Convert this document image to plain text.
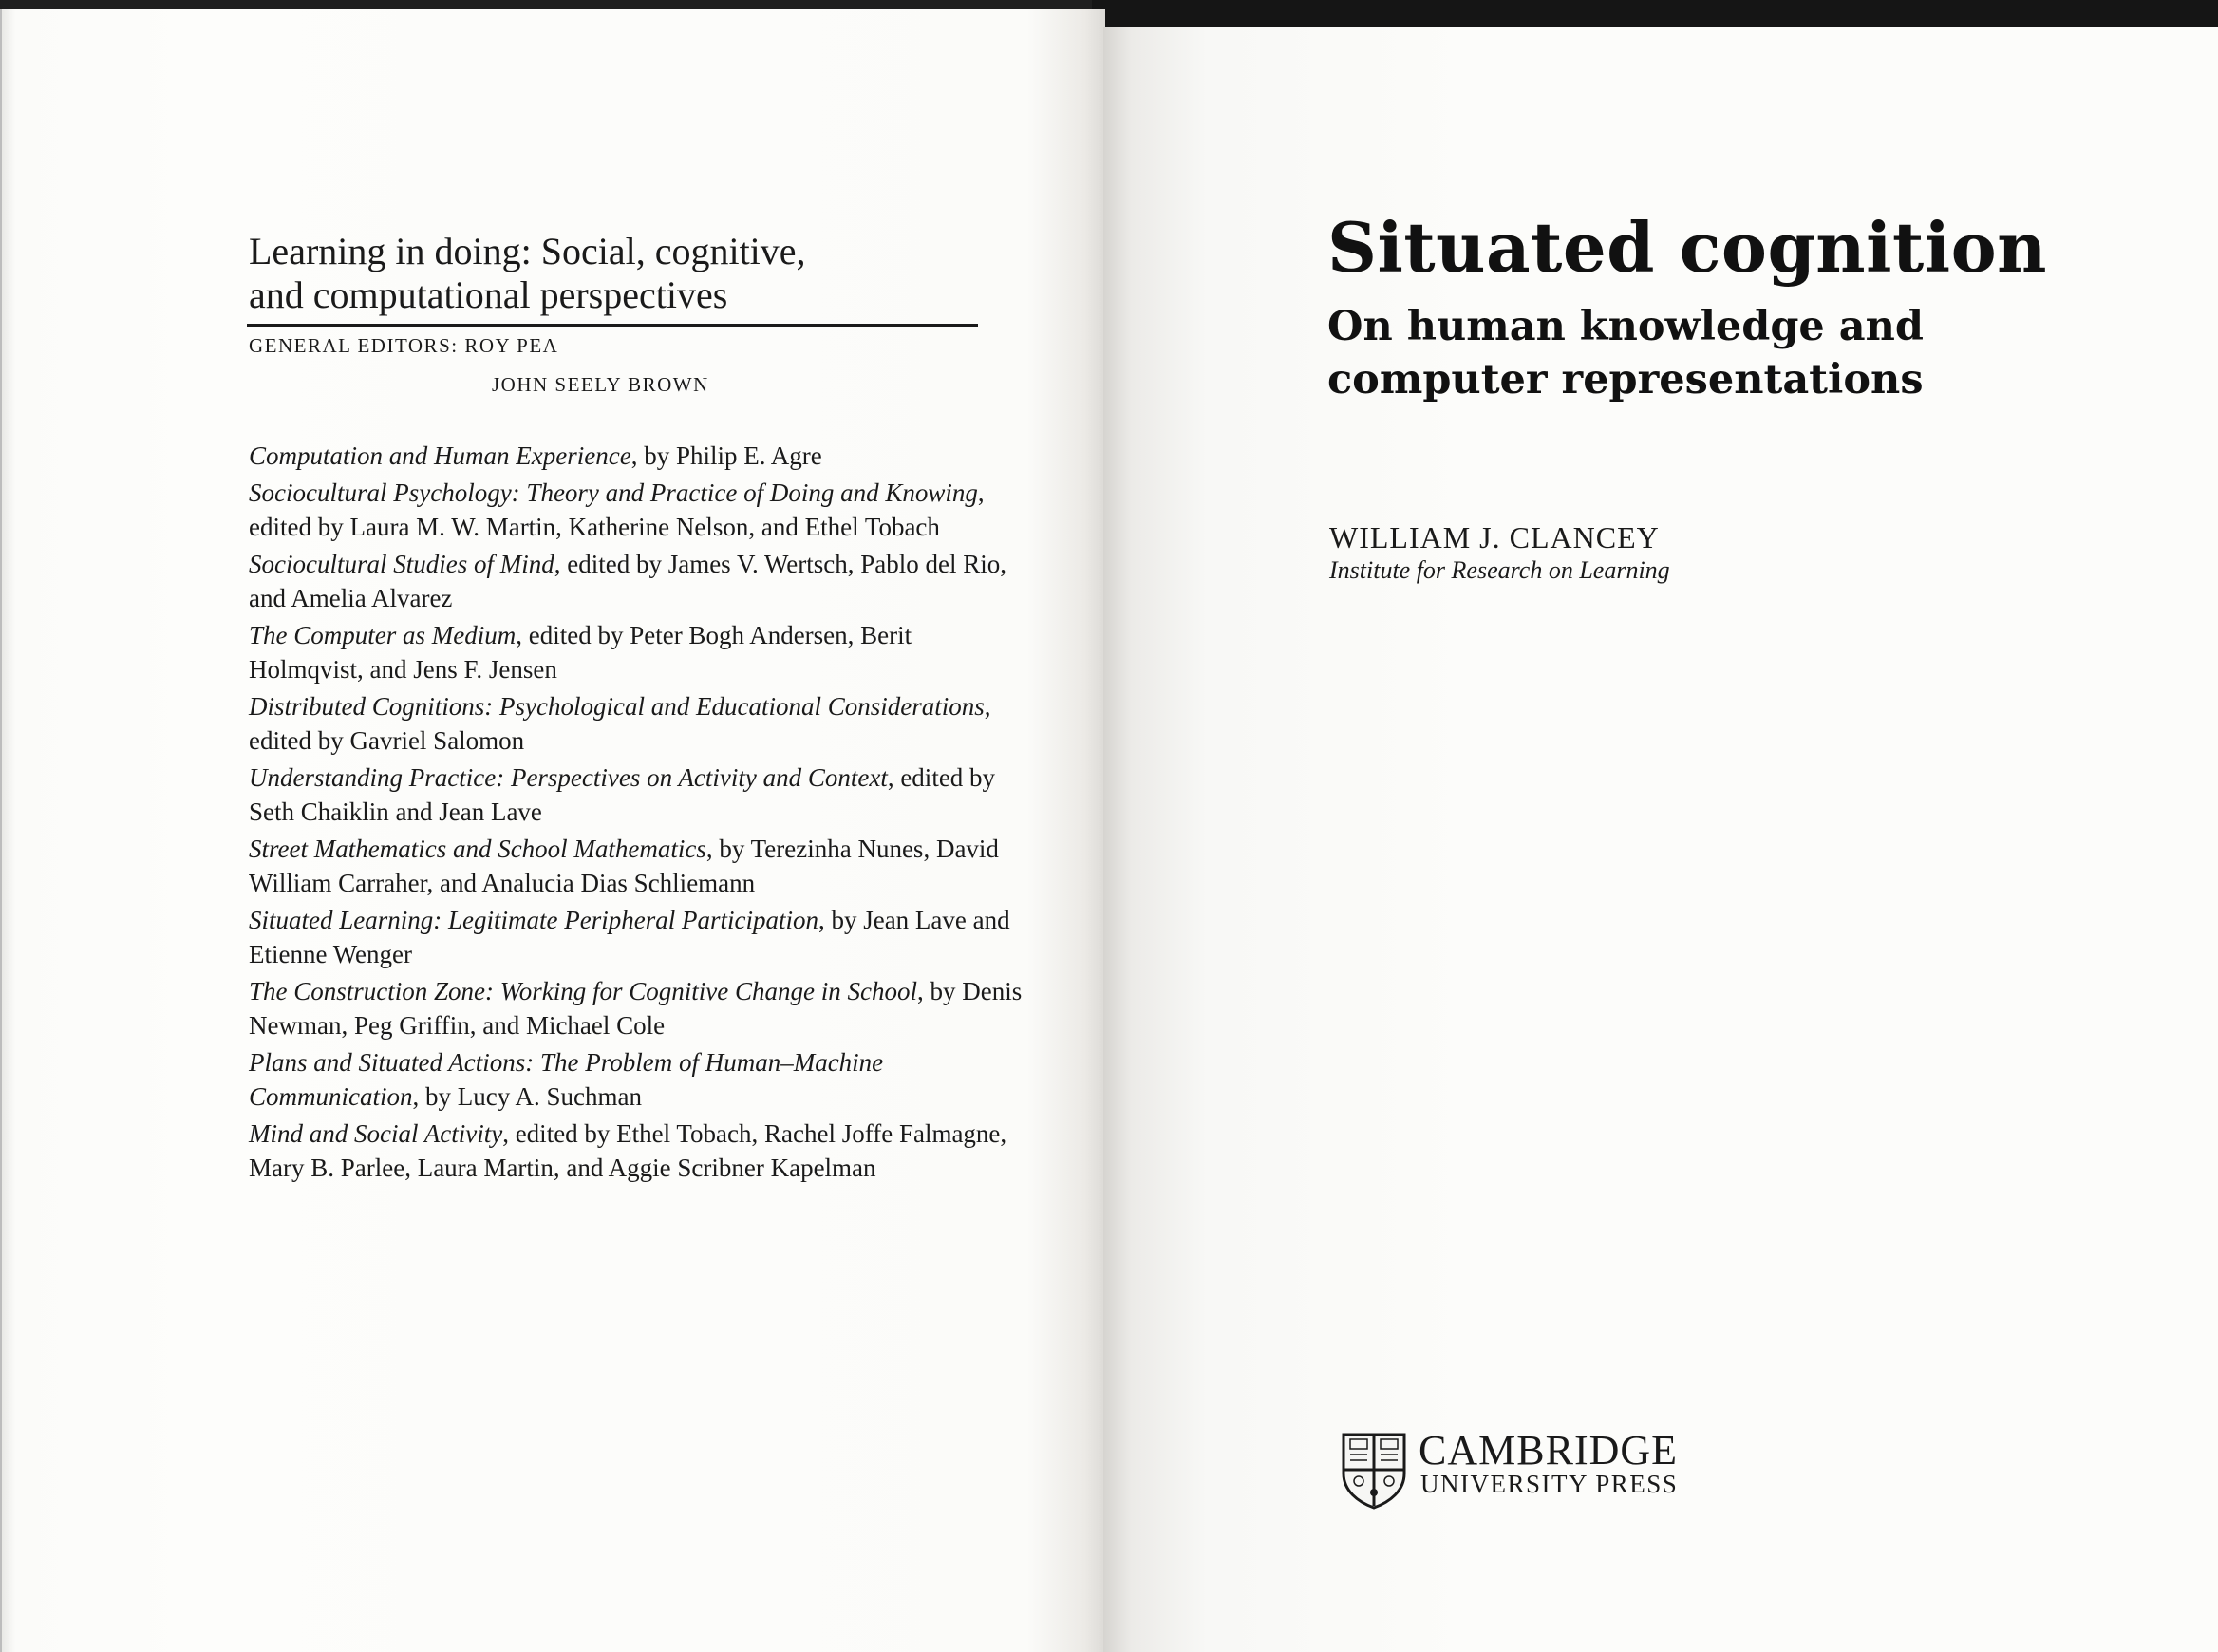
Learning in doing: Social, cognitive,
and computational perspectives
GENERAL EDITORS: ROY PEA
JOHN SEELY BROWN
Computation and Human Experience, by Philip E. Agre
Sociocultural Psychology: Theory and Practice of Doing and Knowing, edited by Laura M. W. Martin, Katherine Nelson, and Ethel Tobach
Sociocultural Studies of Mind, edited by James V. Wertsch, Pablo del Rio, and Amelia Alvarez
The Computer as Medium, edited by Peter Bogh Andersen, Berit Holmqvist, and Jens F. Jensen
Distributed Cognitions: Psychological and Educational Considerations, edited by Gavriel Salomon
Understanding Practice: Perspectives on Activity and Context, edited by Seth Chaiklin and Jean Lave
Street Mathematics and School Mathematics, by Terezinha Nunes, David William Carraher, and Analucia Dias Schliemann
Situated Learning: Legitimate Peripheral Participation, by Jean Lave and Etienne Wenger
The Construction Zone: Working for Cognitive Change in School, by Denis Newman, Peg Griffin, and Michael Cole
Plans and Situated Actions: The Problem of Human–Machine Communication, by Lucy A. Suchman
Mind and Social Activity, edited by Ethel Tobach, Rachel Joffe Falmagne, Mary B. Parlee, Laura Martin, and Aggie Scribner Kapelman
Situated cognition
On human knowledge and
computer representations
WILLIAM J. CLANCEY
Institute for Research on Learning
CAMBRIDGE
UNIVERSITY PRESS
